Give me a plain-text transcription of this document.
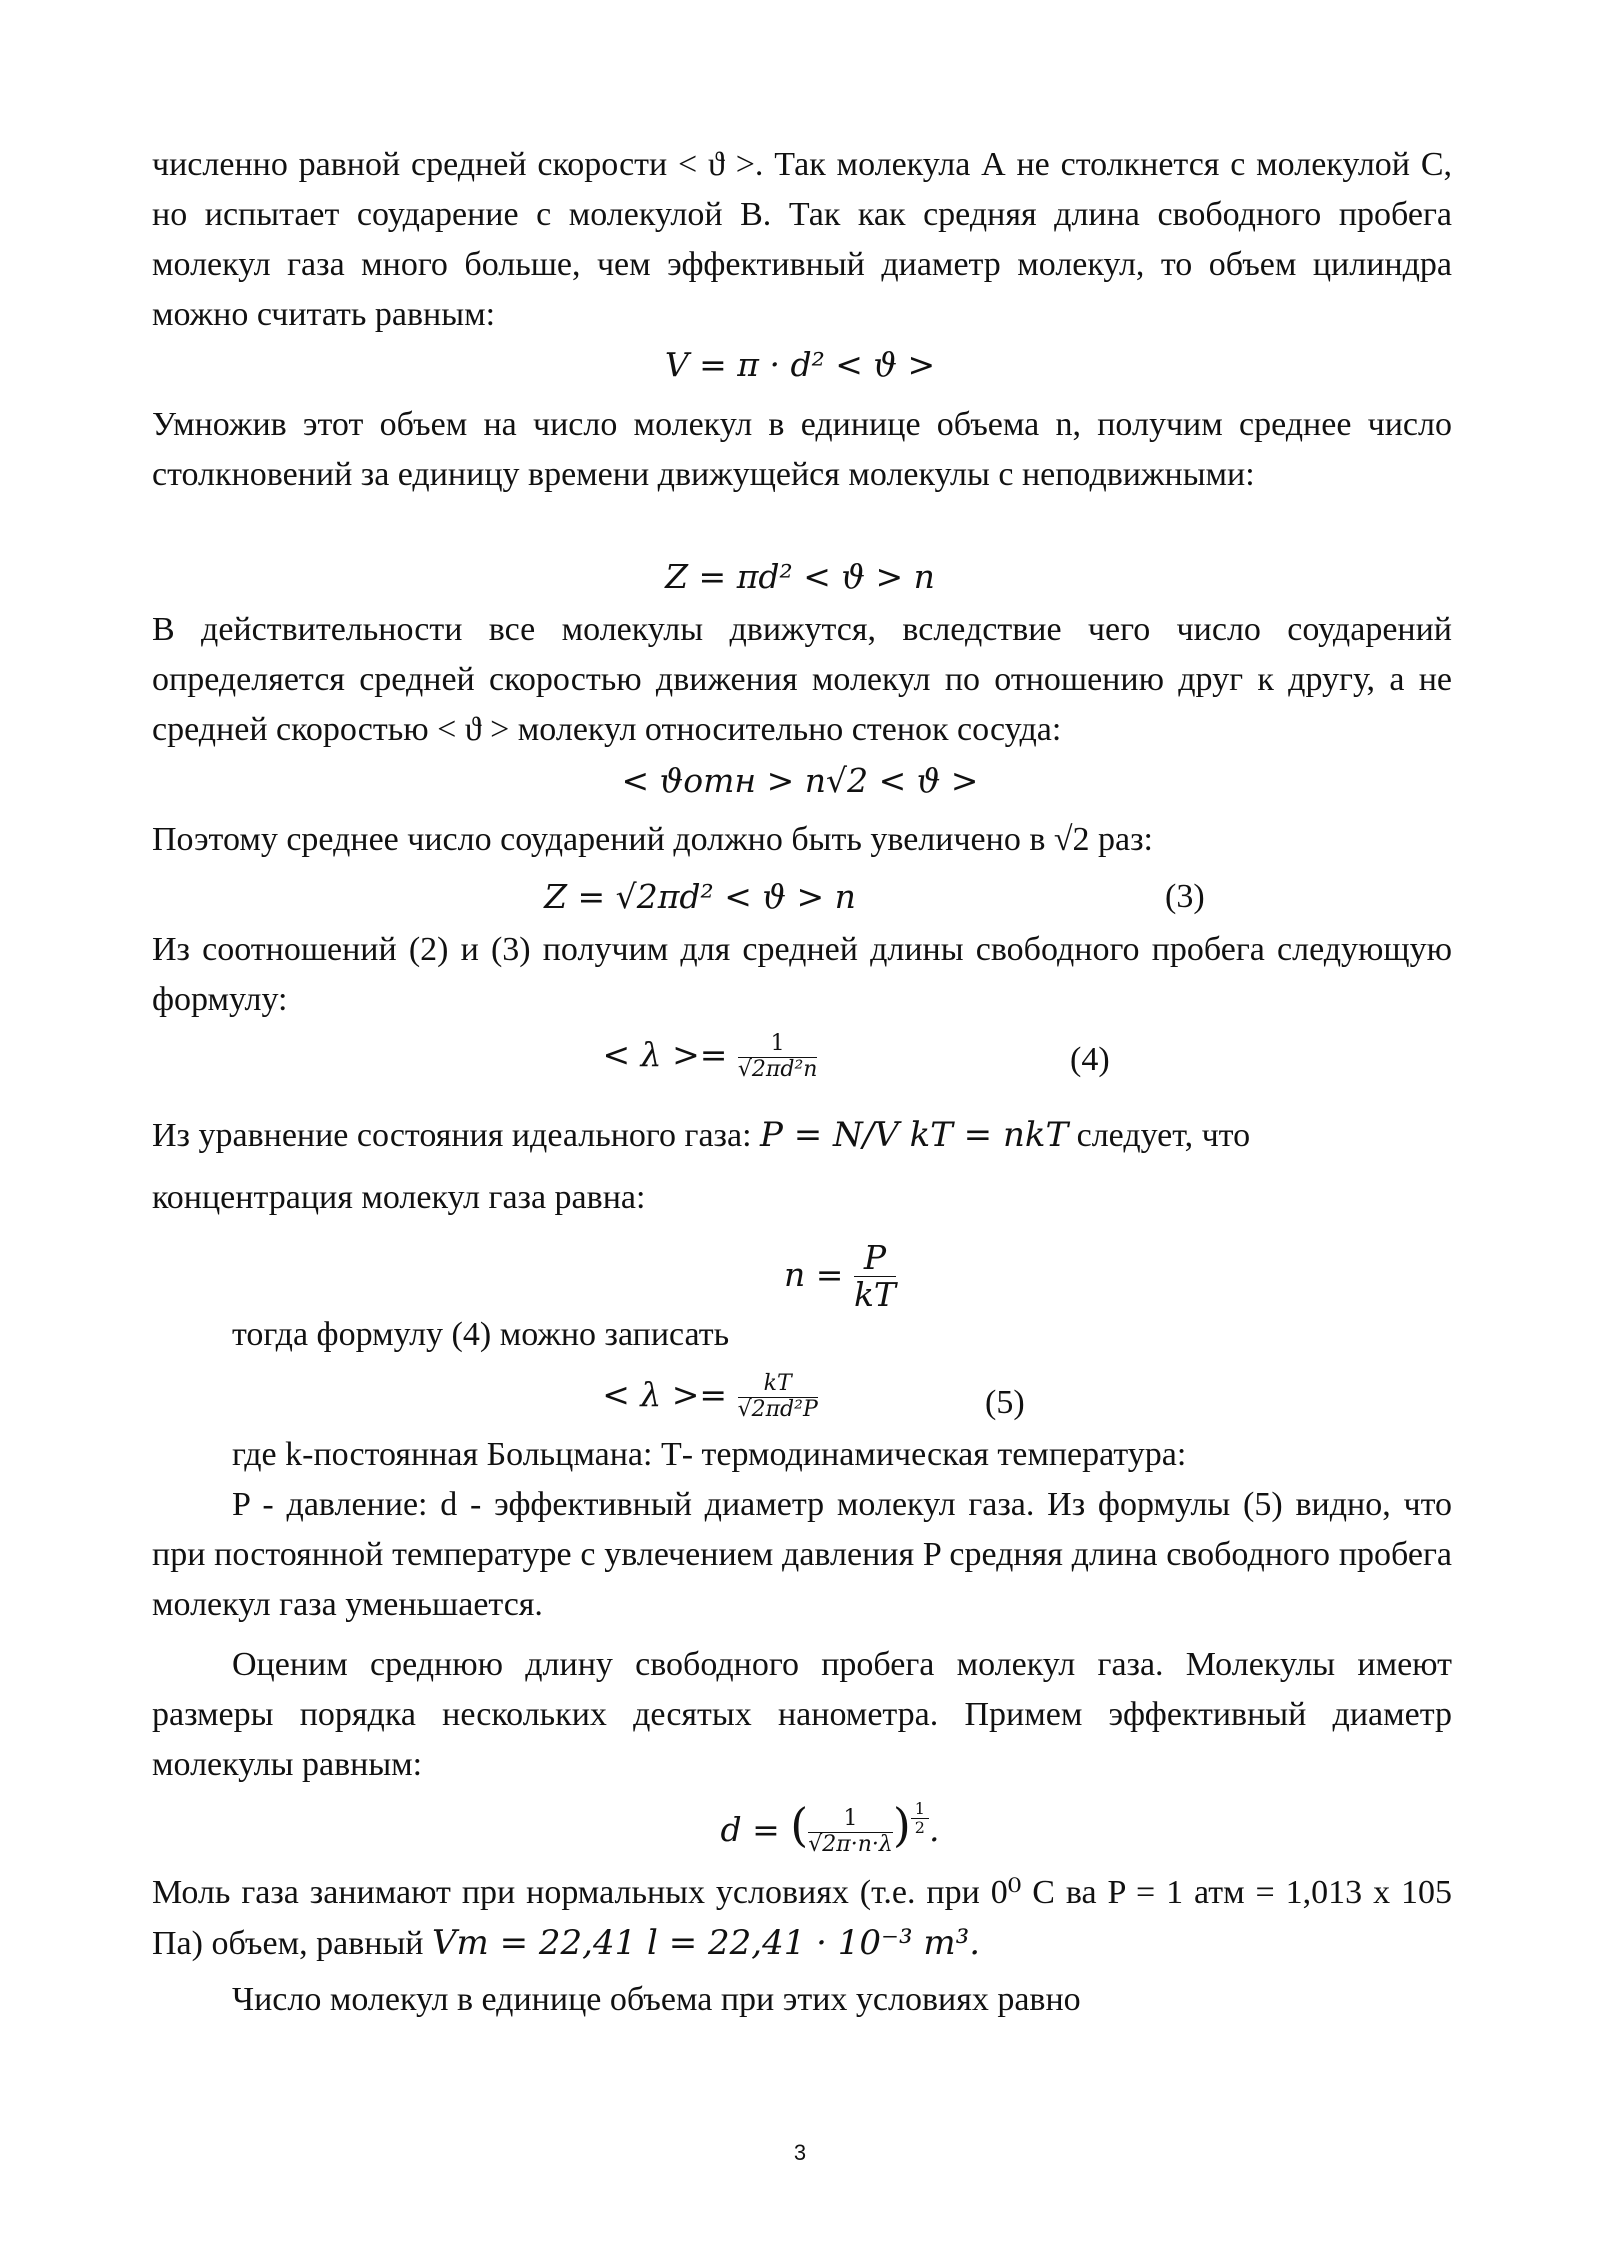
численно равной средней скорости < ϑ >. Так молекула А не столкнется с молекулой С, но испытает соударение с молекулой В. Так как средняя длина свободного пробега молекул газа много больше, чем эффективный диаметр молекул, то объем цилиндра можно считать равным:

V = π · d² < ϑ >

Умножив этот объем на число молекул в единице объема n, получим среднее число столкновений за единицу времени движущейся молекулы с неподвижными:

Z = πd² < ϑ > n

В действительности все молекулы движутся, вследствие чего число соударений определяется средней скоростью движения молекул по отношению друг к другу, а не средней скоростью < ϑ > молекул относительно стенок сосуда:

< ϑотн > n√2 < ϑ >

Поэтому среднее число соударений должно быть увеличено в √2 раз:

Z = √2πd² < ϑ > n	(3)

Из соотношений (2) и (3) получим для средней длины свободного пробега следующую формулу:

< $\lambda >= \frac{1}{\text{√2πd²n}}$	(4)
Из уравнение состояния идеального газа: P = N/V kT = nkT следует, что

концентрация молекул газа равна:

$n = \frac{P}{kT}$

тогда формулу (4) можно записать

< $\lambda >= \frac{kT}{\text{√2πd²P}}$	(5)

где k-постоянная Больцмана: Т- термодинамическая температура:

P - давление: d - эффективный диаметр молекул газа. Из формулы (5) видно, что при постоянной температуре с увлечением давления P средняя длина свободного пробега молекул газа уменьшается.

Оценим среднюю длину свободного пробега молекул газа. Молекулы имеют размеры порядка нескольких десятых нанометра. Примем эффективный диаметр молекулы равным:

d = ( $\frac{1}{√2\pi\cdot n\cdot\lambda}$ ) $\frac{1}{2}$ .
Моль газа занимают при нормальных условиях (т.е. при 0⁰ С ва P = 1 атм = 1,013 х 105 Па) объем, равный Vm = 22,41 l = 22,41 · 10⁻³ m³.

Число молекул в единице объема при этих условиях равно

3
